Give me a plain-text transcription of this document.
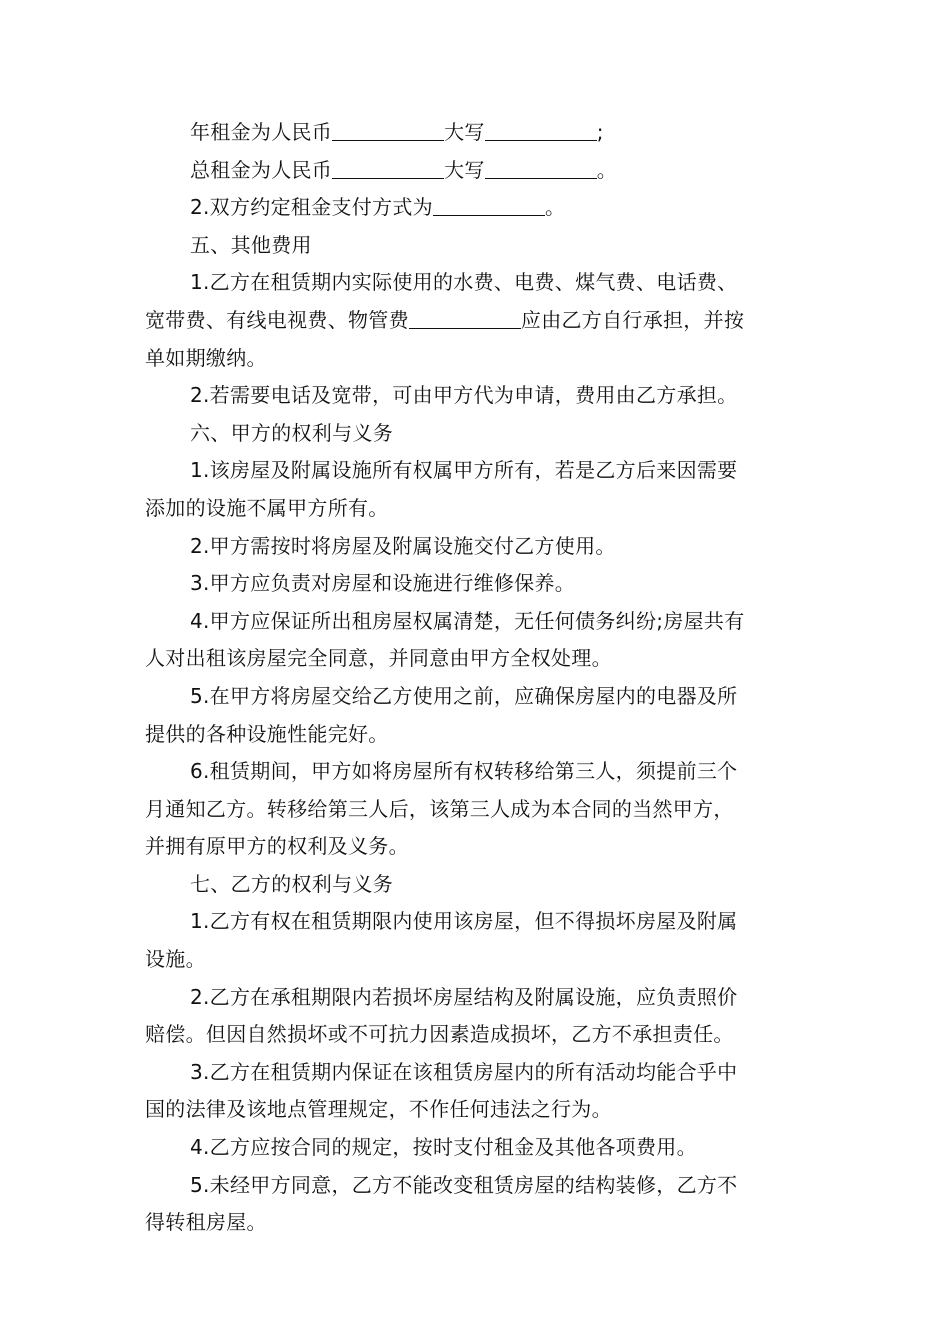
年租金为人民币	大写	;
总租金为人民币	大写	。
2.双方约定租金支付方式为	。
五、其他费用
1.乙方在租赁期内实际使用的水费、电费、煤气费、电话费、
宽带费、有线电视费、物管费	应由乙方自行承担，并按
单如期缴纳。
2.若需要电话及宽带，可由甲方代为申请，费用由乙方承担。
六、甲方的权利与义务
1.该房屋及附属设施所有权属甲方所有，若是乙方后来因需要
添加的设施不属甲方所有。
2.甲方需按时将房屋及附属设施交付乙方使用。
3.甲方应负责对房屋和设施进行维修保养。
4.甲方应保证所出租房屋权属清楚，无任何债务纠纷;房屋共有
人对出租该房屋完全同意，并同意由甲方全权处理。
5.在甲方将房屋交给乙方使用之前，应确保房屋内的电器及所
提供的各种设施性能完好。
6.租赁期间，甲方如将房屋所有权转移给第三人，须提前三个
月通知乙方。转移给第三人后，该第三人成为本合同的当然甲方，
并拥有原甲方的权利及义务。
七、乙方的权利与义务
1.乙方有权在租赁期限内使用该房屋，但不得损坏房屋及附属
设施。
2.乙方在承租期限内若损坏房屋结构及附属设施，应负责照价
赔偿。但因自然损坏或不可抗力因素造成损坏，乙方不承担责任。
3.乙方在租赁期内保证在该租赁房屋内的所有活动均能合乎中
国的法律及该地点管理规定，不作任何违法之行为。
4.乙方应按合同的规定，按时支付租金及其他各项费用。
5.未经甲方同意，乙方不能改变租赁房屋的结构装修，乙方不
得转租房屋。
